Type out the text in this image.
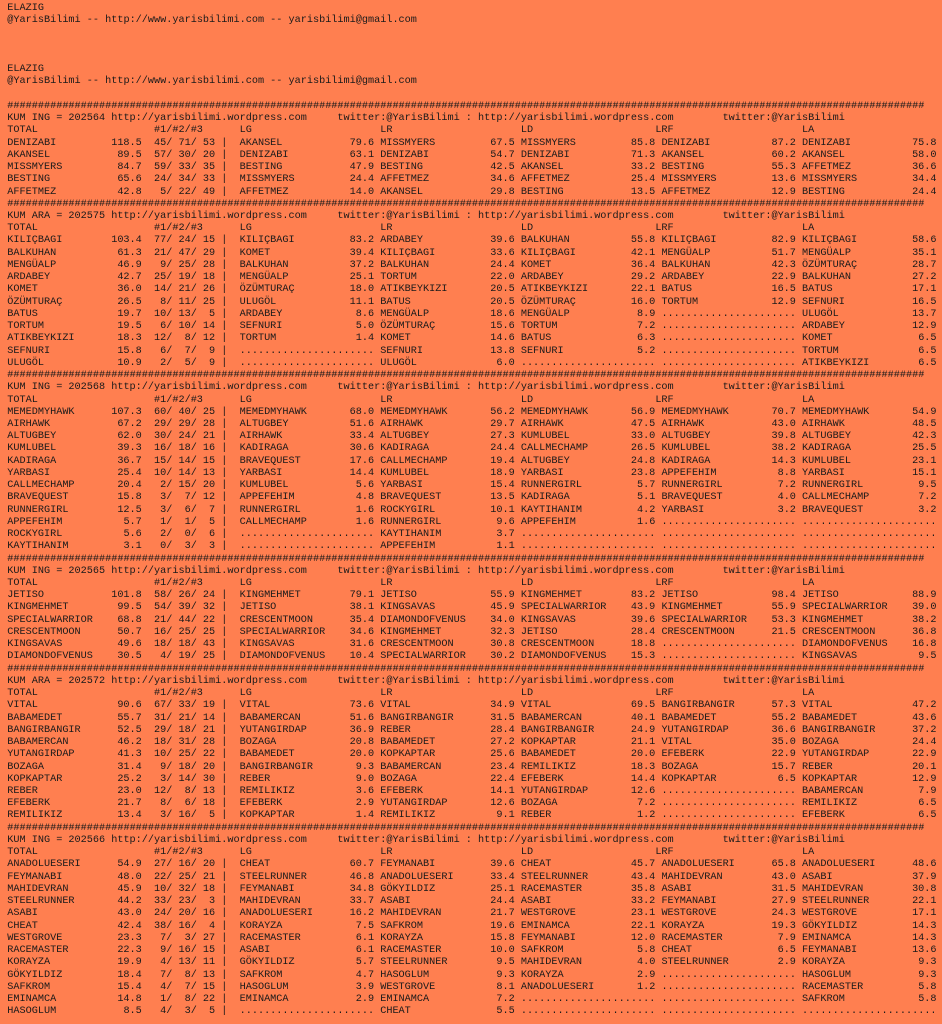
ELAZIG
@YarisBilimi -- http://www.yarisbilimi.com -- yarisbilimi@gmail.com
ELAZIG
@YarisBilimi -- http://www.yarisbilimi.com -- yarisbilimi@gmail.com
######################################################################################################################################################
KUM ING = 202564 http://yarisbilimi.wordpress.com	twitter:@YarisBilimi : http://yarisbilimi.wordpress.com	twitter:@YarisBilimi
TOTAL	#1/#2/#3	LG	LR	LD	LRF	LA
DENIZABI	118.5	45 / 71 / 53 | AKANSEL	79.6 MISSMYERS	67.5 MISSMYERS	85.8 DENIZABI	87.2 DENIZABI	75.8
AKANSEL	89.5	57 / 30 / 20 | DENIZABI	63.1 DENIZABI	54.7 DENIZABI	71.3 AKANSEL	60.2 AKANSEL	58.0
MISSMYERS	84.7	59 / 33 / 35 | BESTING	47.9 BESTING	42.5 AKANSEL	33.2 BESTING	55.3 AFFETMEZ	36.6
BESTING	65.6	24 / 34 / 33 | MISSMYERS	24.4 AFFETMEZ	34.6 AFFETMEZ	25.4 MISSMYERS	13.6 MISSMYERS	34.4
AFFETMEZ	42.8	5 / 22 / 49 | AFFETMEZ	14.0 AKANSEL	29.8 BESTING	13.5 AFFETMEZ	12.9 BESTING	24.4
######################################################################################################################################################
KUM ARA = 202575 http://yarisbilimi.wordpress.com	twitter:@YarisBilimi : http://yarisbilimi.wordpress.com	twitter:@YarisBilimi
TOTAL	#1/#2/#3	LG	LR	LD	LRF	LA
KILIÇBAGI	103.4	77 / 24 / 15 | KILIÇBAGI	83.2 ARDABEY	39.6 BALKUHAN	55.8 KILIÇBAGI	82.9 KILIÇBAGI	58.6
BALKUHAN	61.3	21 / 47 / 29 | KOMET	39.4 KILIÇBAGI	33.6 KILIÇBAGI	42.1 MENGÜALP	51.7 MENGÜALP	35.1
MENGÜALP	46.9	9 / 25 / 28 | BALKUHAN	37.2 BALKUHAN	24.4 KOMET	36.4 BALKUHAN	42.3 ÖZÜMTURAÇ	28.7
ARDABEY	42.7	25 / 19 / 18 | MENGÜALP	25.1 TORTUM	22.0 ARDABEY	29.2 ARDABEY	22.9 BALKUHAN	27.2
KOMET	36.0	14 / 21 / 26 | ÖZÜMTURAÇ	18.0 ATIKBEYKIZI	20.5 ATIKBEYKIZI	22.1 BATUS	16.5 BATUS	17.1
ÖZÜMTURAÇ	26.5	8 / 11 / 25 | ULUGÖL	11.1 BATUS	20.5 ÖZÜMTURAÇ	16.0 TORTUM	12.9 SEFNURI	16.5
BATUS	19.7	10 / 13 /	5 | ARDABEY	8.6 MENGÜALP	18.6 MENGÜALP	8.9 ...................... ULUGÖL	13.7
TORTUM	19.5	6 / 10 / 14 | SEFNURI	5.0 ÖZÜMTURAÇ	15.6 TORTUM	7.2 ...................... ARDABEY	12.9
ATIKBEYKIZI	18.3	12 /	8 / 12 | TORTUM	1.4 KOMET	14.6 BATUS	6.3 ...................... KOMET	6.5
SEFNURI	15.8	6 /	7 /	9 | ...................... SEFNURI	13.8 SEFNURI	5.2 ...................... TORTUM	6.5
ULUGÖL	10.9	2 /	5 /	9 | ...................... ULUGÖL	6.0 ...................... ...................... ATIKBEYKIZI	6.5
######################################################################################################################################################
KUM ING = 202568 http://yarisbilimi.wordpress.com	twitter:@YarisBilimi : http://yarisbilimi.wordpress.com	twitter:@YarisBilimi
TOTAL	#1/#2/#3	LG	LR	LD	LRF	LA
MEMEDMYHAWK	107.3	60 / 40 / 25 | MEMEDMYHAWK	68.0 MEMEDMYHAWK	56.2 MEMEDMYHAWK	56.9 MEMEDMYHAWK	70.7 MEMEDMYHAWK	54.9
AIRHAWK	67.2	29 / 29 / 28 | ALTUGBEY	51.6 AIRHAWK	29.7 AIRHAWK	47.5 AIRHAWK	43.0 AIRHAWK	48.5
ALTUGBEY	62.0	30 / 24 / 21 | AIRHAWK	33.4 ALTUGBEY	27.3 KUMLUBEL	33.0 ALTUGBEY	39.8 ALTUGBEY	42.3
KUMLUBEL	39.3	16 / 18 / 16 | KADIRAGA	30.6 KADIRAGA	24.4 CALLMECHAMP	26.5 KUMLUBEL	38.2 KADIRAGA	25.5
KADIRAGA	36.7	15 / 14 / 15 | BRAVEQUEST	17.6 CALLMECHAMP	19.4 ALTUGBEY	24.8 KADIRAGA	14.3 KUMLUBEL	23.1
YARBASI	25.4	10 / 14 / 13 | YARBASI	14.4 KUMLUBEL	18.9 YARBASI	23.8 APPEFEHIM	8.8 YARBASI	15.1
CALLMECHAMP	20.4	2 / 15 / 20 | KUMLUBEL	5.6 YARBASI	15.4 RUNNERGIRL	5.7 RUNNERGIRL	7.2 RUNNERGIRL	9.5
BRAVEQUEST	15.8	3 /	7 / 12 | APPEFEHIM	4.8 BRAVEQUEST	13.5 KADIRAGA	5.1 BRAVEQUEST	4.0 CALLMECHAMP	7.2
RUNNERGIRL	12.5	3 /	6 /	7 | RUNNERGIRL	1.6 ROCKYGIRL	10.1 KAYTIHANIM	4.2 YARBASI	3.2 BRAVEQUEST	3.2
APPEFEHIM	5.7	1 /	1 /	5 | CALLMECHAMP	1.6 RUNNERGIRL	9.6 APPEFEHIM	1.6 ...................... ......................
ROCKYGIRL	5.6	2 /	0 /	6 | ...................... KAYTIHANIM	3.7 ...................... ...................... ......................
KAYTIHANIM	3.1	0 /	3 /	3 | ...................... APPEFEHIM	1.1 ...................... ...................... ......................
######################################################################################################################################################
KUM ING = 202565 http://yarisbilimi.wordpress.com	twitter:@YarisBilimi : http://yarisbilimi.wordpress.com	twitter:@YarisBilimi
TOTAL	#1/#2/#3	LG	LR	LD	LRF	LA
JETISO	101.8	58 / 26 / 24 | KINGMEHMET	79.1 JETISO	55.9 KINGMEHMET	83.2 JETISO	98.4 JETISO	88.9
KINGMEHMET	99.5	54 / 39 / 32 | JETISO	38.1 KINGSAVAS	45.9 SPECIALWARRIOR	43.9 KINGMEHMET	55.9 SPECIALWARRIOR	39.0
SPECIALWARRIOR	68.8	21 / 44 / 22 | CRESCENTMOON	35.4 DIAMONDOFVENUS	34.0 KINGSAVAS	39.6 SPECIALWARRIOR	53.3 KINGMEHMET	38.2
CRESCENTMOON	50.7	16 / 25 / 25 | SPECIALWARRIOR	34.6 KINGMEHMET	32.3 JETISO	28.4 CRESCENTMOON	21.5 CRESCENTMOON	36.8
KINGSAVAS	49.6	18 / 18 / 43 | KINGSAVAS	31.6 CRESCENTMOON	30.8 CRESCENTMOON	18.8 ...................... DIAMONDOFVENUS	16.8
DIAMONDOFVENUS	30.5	4 / 19 / 25 | DIAMONDOFVENUS	10.4 SPECIALWARRIOR	30.2 DIAMONDOFVENUS	15.3 ...................... KINGSAVAS	9.5
######################################################################################################################################################
KUM ARA = 202572 http://yarisbilimi.wordpress.com	twitter:@YarisBilimi : http://yarisbilimi.wordpress.com	twitter:@YarisBilimi
TOTAL	#1/#2/#3	LG	LR	LD	LRF	LA
VITAL	90.6	67 / 33 / 19 | VITAL	73.6 VITAL	34.9 VITAL	69.5 BANGIRBANGIR	57.3 VITAL	47.2
BABAMEDET	55.7	31 / 21 / 14 | BABAMERCAN	51.6 BANGIRBANGIR	31.5 BABAMERCAN	40.1 BABAMEDET	55.2 BABAMEDET	43.6
BANGIRBANGIR	52.5	29 / 18 / 21 | YUTANGIRDAP	36.9 REBER	28.4 BANGIRBANGIR	24.9 YUTANGIRDAP	36.6 BANGIRBANGIR	37.2
BABAMERCAN	46.2	18 / 31 / 28 | BOZAGA	20.8 BABAMEDET	27.2 KOPKAPTAR	21.1 VITAL	35.0 BOZAGA	24.4
YUTANGIRDAP	41.3	10 / 25 / 22 | BABAMEDET	20.0 KOPKAPTAR	25.6 BABAMEDET	20.0 EFEBERK	22.9 YUTANGIRDAP	22.9
BOZAGA	31.4	9 / 18 / 20 | BANGIRBANGIR	9.3 BABAMERCAN	23.4 REMILIKIZ	18.3 BOZAGA	15.7 REBER	20.1
KOPKAPTAR	25.2	3 / 14 / 30 | REBER	9.0 BOZAGA	22.4 EFEBERK	14.4 KOPKAPTAR	6.5 KOPKAPTAR	12.9
REBER	23.0	12 /	8 / 13 | REMILIKIZ	3.6 EFEBERK	14.1 YUTANGIRDAP	12.6 ...................... BABAMERCAN	7.9
EFEBERK	21.7	8 /	6 / 18 | EFEBERK	2.9 YUTANGIRDAP	12.6 BOZAGA	7.2 ...................... REMILIKIZ	6.5
REMILIKIZ	13.4	3 / 16 /	5 | KOPKAPTAR	1.4 REMILIKIZ	9.1 REBER	1.2 ...................... EFEBERK	6.5
######################################################################################################################################################
KUM ING = 202566 http://yarisbilimi.wordpress.com	twitter:@YarisBilimi : http://yarisbilimi.wordpress.com	twitter:@YarisBilimi
TOTAL	#1/#2/#3	LG	LR	LD	LRF	LA
ANADOLUESERI	54.9	27 / 16 / 20 | CHEAT	60.7 FEYMANABI	39.6 CHEAT	45.7 ANADOLUESERI	65.8 ANADOLUESERI	48.6
FEYMANABI	48.0	22 / 25 / 21 | STEELRUNNER	46.8 ANADOLUESERI	33.4 STEELRUNNER	43.4 MAHIDEVRAN	43.0 ASABI	37.9
MAHIDEVRAN	45.9	10 / 32 / 18 | FEYMANABI	34.8 GÖKYILDIZ	25.1 RACEMASTER	35.8 ASABI	31.5 MAHIDEVRAN	30.8
STEELRUNNER	44.2	33 / 23 /	3 | MAHIDEVRAN	33.7 ASABI	24.4 ASABI	33.2 FEYMANABI	27.9 STEELRUNNER	22.1
ASABI	43.0	24 / 20 / 16 | ANADOLUESERI	16.2 MAHIDEVRAN	21.7 WESTGROVE	23.1 WESTGROVE	24.3 WESTGROVE	17.1
CHEAT	42.4	38 / 16 /	4 | KORAYZA	7.5 SAFKROM	19.6 EMINAMCA	22.1 KORAYZA	19.3 GÖKYILDIZ	14.3
WESTGROVE	23.3	7 /	3 / 27 | RACEMASTER	6.1 KORAYZA	15.8 FEYMANABI	12.0 RACEMASTER	7.9 EMINAMCA	14.3
RACEMASTER	22.3	9 / 16 / 15 | ASABI	6.1 RACEMASTER	10.0 SAFKROM	5.8 CHEAT	6.5 FEYMANABI	13.6
KORAYZA	19.9	4 / 13 / 11 | GÖKYILDIZ	5.7 STEELRUNNER	9.5 MAHIDEVRAN	4.0 STEELRUNNER	2.9 KORAYZA	9.3
GÖKYILDIZ	18.4	7 /	8 / 13 | SAFKROM	4.7 HASOGLUM	9.3 KORAYZA	2.9 ...................... HASOGLUM	9.3
SAFKROM	15.4	4 /	7 / 15 | HASOGLUM	3.9 WESTGROVE	8.1 ANADOLUESERI	1.2 ...................... RACEMASTER	5.8
EMINAMCA	14.8	1 /	8 / 22 | EMINAMCA	2.9 EMINAMCA	7.2 ...................... ...................... SAFKROM	5.8
HASOGLUM	8.5	4 /	3 /	5 | ...................... CHEAT	5.5 ...................... ...................... ......................
